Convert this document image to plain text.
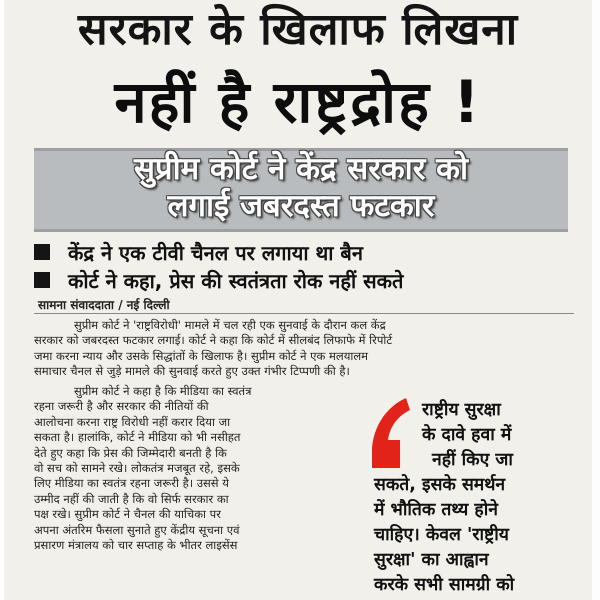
सरकार के खिलाफ लिखना
नहीं है राष्ट्रद्रोह !
सुप्रीम कोर्ट ने केंद्र सरकार को
लगाई जबरदस्त फटकार
केंद्र ने एक टीवी चैनल पर लगाया था बैन
कोर्ट ने कहा, प्रेस की स्वतंत्रता रोक नहीं सकते
सामना संवाददाता / नई दिल्ली
सुप्रीम कोर्ट ने 'राष्ट्रविरोधी' मामले में चल रही एक सुनवाई के दौरान कल केंद्र
सरकार को जबरदस्त फटकार लगाई। कोर्ट ने कहा कि कोर्ट में सीलबंद लिफाफे में रिपोर्ट
जमा करना न्याय और उसके सिद्धांतों के खिलाफ है। सुप्रीम कोर्ट ने एक मलयालम
समाचार चैनल से जुड़े मामले की सुनवाई करते हुए उक्त गंभीर टिप्पणी की है।
सुप्रीम कोर्ट ने कहा है कि मीडिया का स्वतंत्र
रहना जरूरी है और सरकार की नीतियों की
आलोचना करना राष्ट्र विरोधी नहीं करार दिया जा
सकता है। हालांकि, कोर्ट ने मीडिया को भी नसीहत
देते हुए कहा कि प्रेस की जिम्मेदारी बनती है कि
वो सच को सामने रखे। लोकतंत्र मजबूत रहे, इसके
लिए मीडिया का स्वतंत्र रहना जरूरी है। उससे ये
उम्मीद नहीं की जाती है कि वो सिर्फ सरकार का
पक्ष रखे। सुप्रीम कोर्ट ने चैनल की याचिका पर
अपना अंतरिम फैसला सुनाते हुए केंद्रीय सूचना एवं
प्रसारण मंत्रालय को चार सप्ताह के भीतर लाइसेंस
राष्ट्रीय सुरक्षा
के दावे हवा में
नहीं किए जा
सकते, इसके समर्थन
में भौतिक तथ्य होने
चाहिए। केवल 'राष्ट्रीय
सुरक्षा' का आह्वान
करके सभी सामग्री को
